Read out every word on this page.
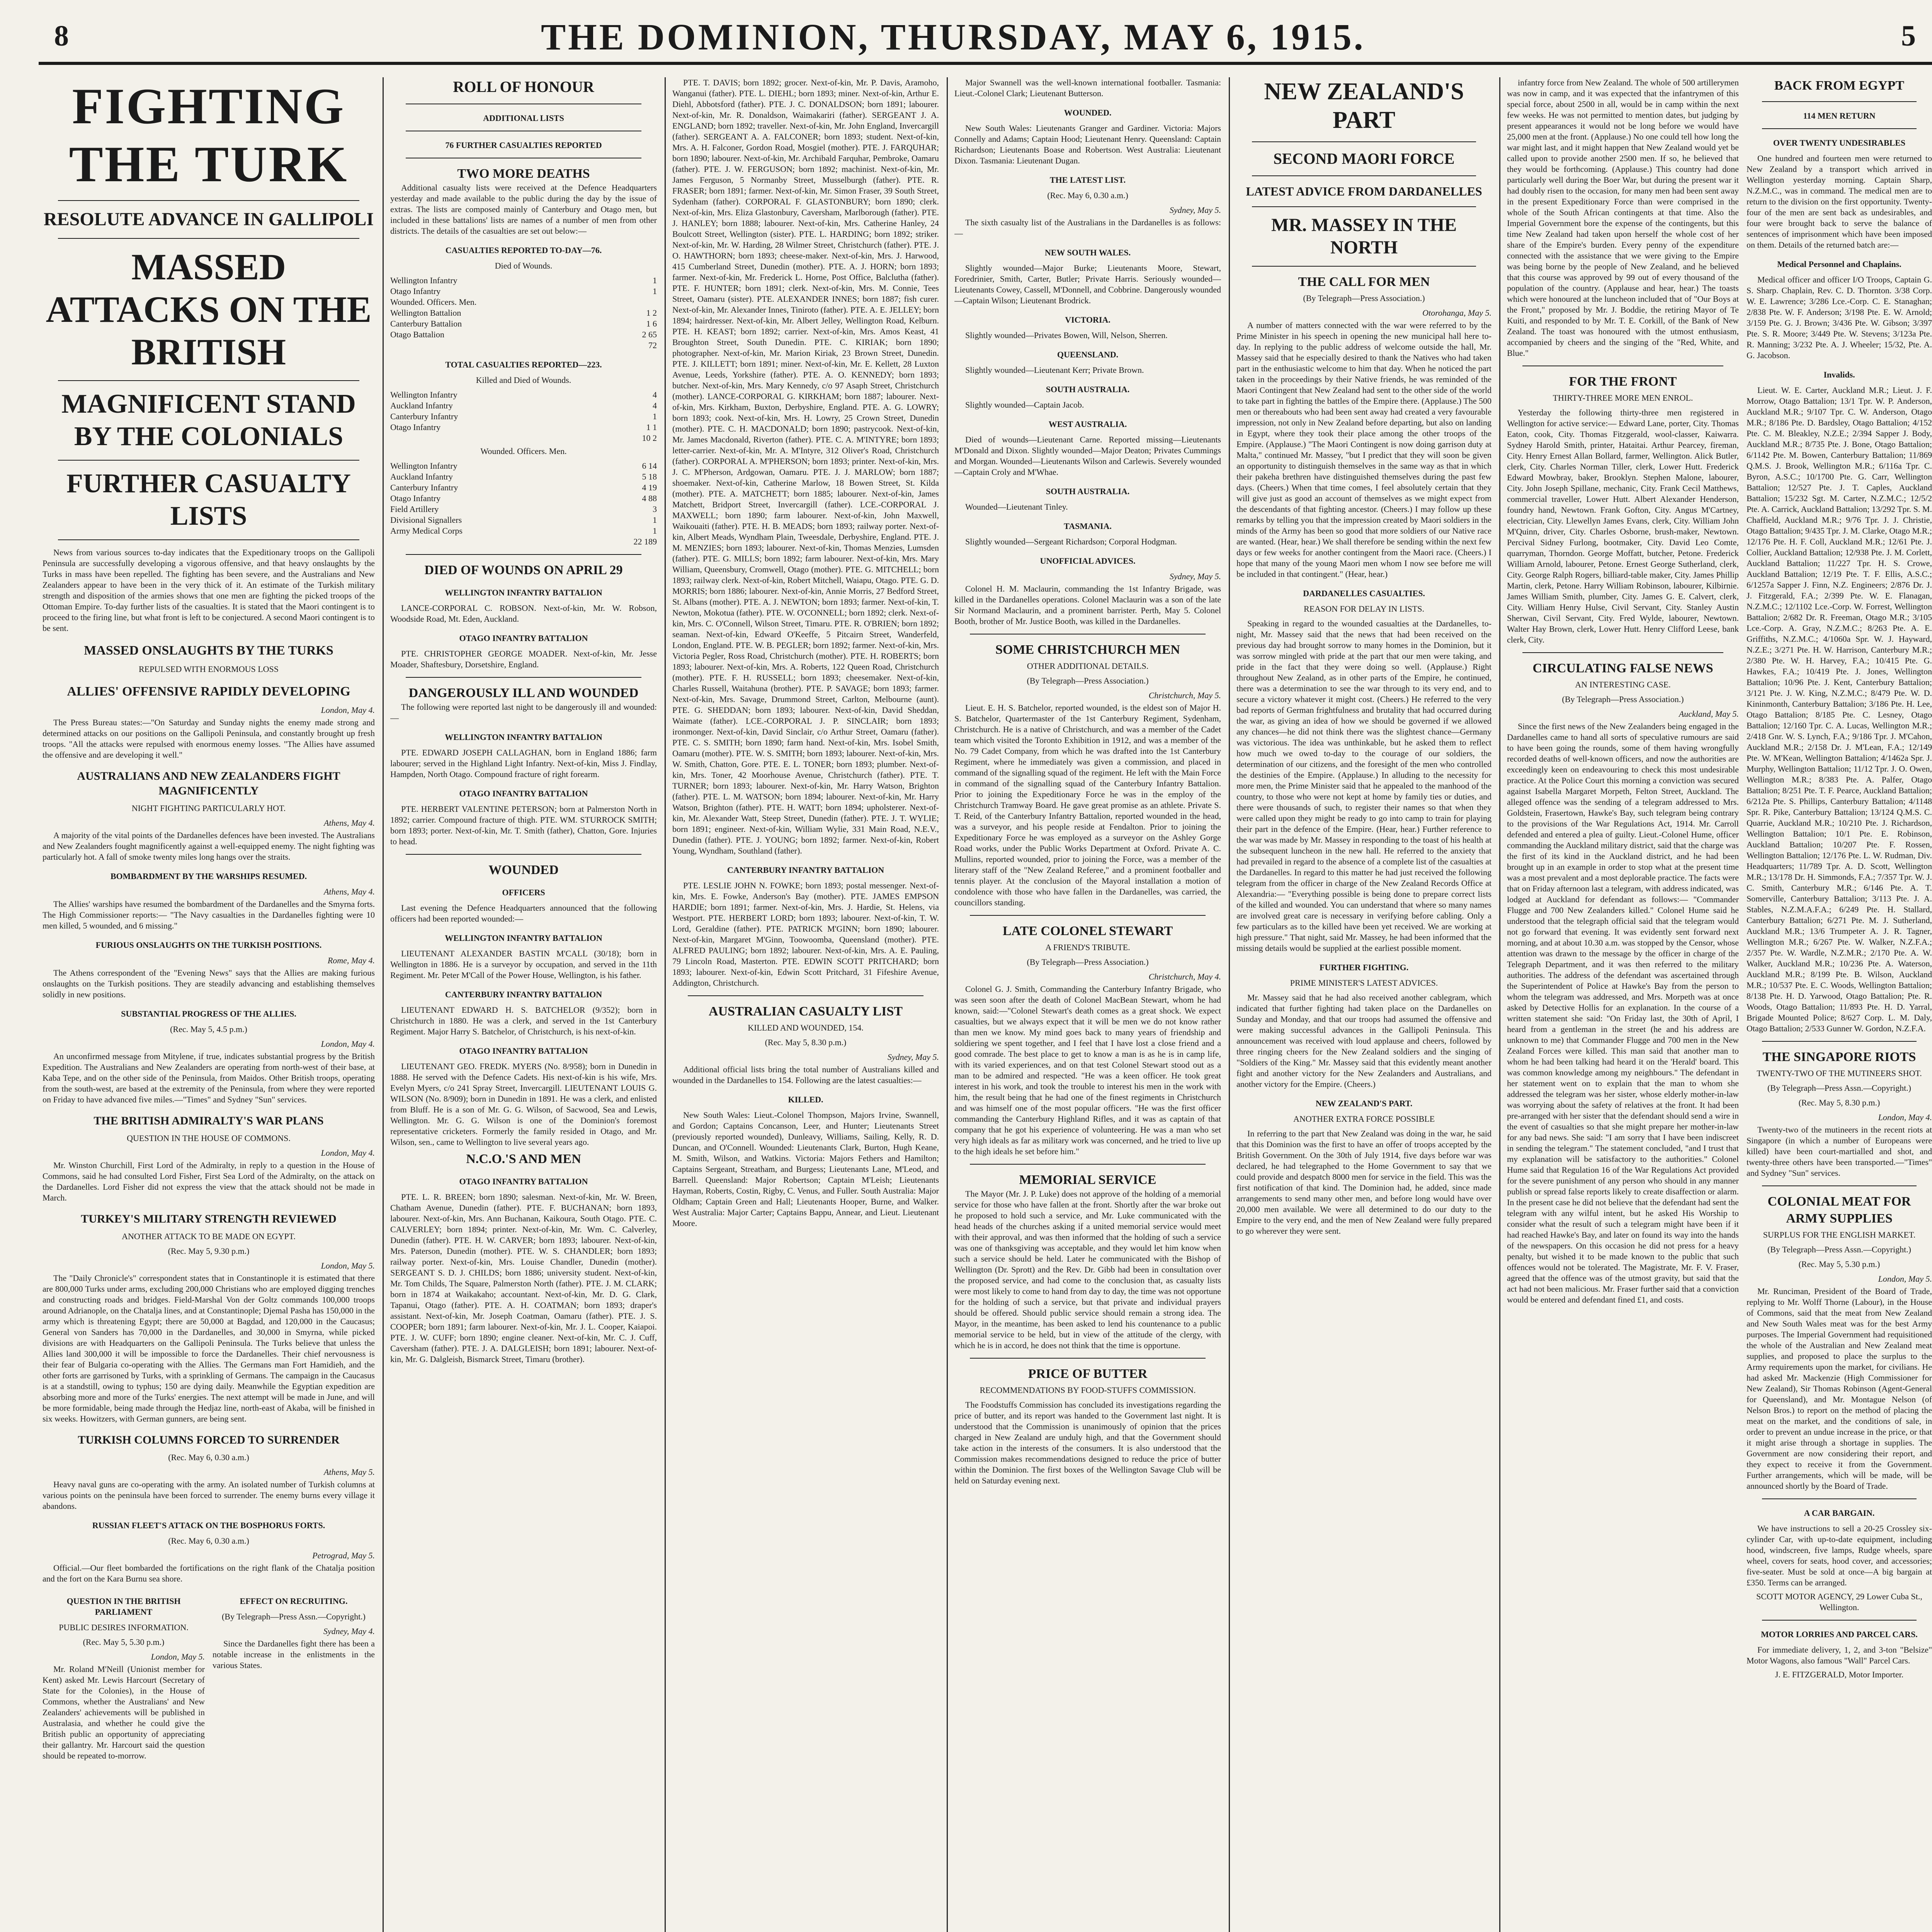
8	THE DOMINION, THURSDAY, MAY 6, 1915.	5
FIGHTING THE TURK
RESOLUTE ADVANCE IN GALLIPOLI
MASSED ATTACKS ON THE BRITISH
MAGNIFICENT STAND BY THE COLONIALS
FURTHER CASUALTY LISTS

News from various sources to-day indicates that the Expeditionary troops on the Gallipoli Peninsula are successfully developing a vigorous offensive, and that heavy onslaughts by the Turks in mass have been repelled. The fighting has been severe, and the Australians and New Zealanders appear to have been in the very thick of it. An estimate of the Turkish military strength and disposition of the armies shows that one men are fighting the picked troops of the Ottoman Empire. To-day further lists of the casualties. It is stated that the Maori contingent is to proceed to the firing line, but what front is left to be conjectured. A second Maori contingent is to be sent.

MASSED ONSLAUGHTS BY THE TURKS
REPULSED WITH ENORMOUS LOSS
ALLIES' OFFENSIVE RAPIDLY DEVELOPING
London, May 4.

The Press Bureau states:—"On Saturday and Sunday nights the enemy made strong and determined attacks on our positions on the Gallipoli Peninsula, and constantly brought up fresh troops. "All the attacks were repulsed with enormous enemy losses. "The Allies have assumed the offensive and are developing it well."

AUSTRALIANS AND NEW ZEALANDERS FIGHT MAGNIFICENTLY
NIGHT FIGHTING PARTICULARLY HOT.
Athens, May 4.

A majority of the vital points of the Dardanelles defences have been invested. The Australians and New Zealanders fought magnificently against a well-equipped enemy. The night fighting was particularly hot. A fall of smoke twenty miles long hangs over the straits.

BOMBARDMENT BY THE WARSHIPS RESUMED.
Athens, May 4.

The Allies' warships have resumed the bombardment of the Dardanelles and the Smyrna forts. The High Commissioner reports:— "The Navy casualties in the Dardanelles fighting were 10 men killed, 5 wounded, and 6 missing."

FURIOUS ONSLAUGHTS ON THE TURKISH POSITIONS.
Rome, May 4.

The Athens correspondent of the "Evening News" says that the Allies are making furious onslaughts on the Turkish positions. They are steadily advancing and establishing themselves solidly in new positions.

SUBSTANTIAL PROGRESS OF THE ALLIES.
(Rec. May 5, 4.5 p.m.)
London, May 4.

An unconfirmed message from Mitylene, if true, indicates substantial progress by the British Expedition. The Australians and New Zealanders are operating from north-west of their base, at Kaba Tepe, and on the other side of the Peninsula, from Maidos. Other British troops, operating from the south-west, are based at the extremity of the Peninsula, from where they were reported on Friday to have advanced five miles.—"Times" and Sydney "Sun" services.

THE BRITISH ADMIRALTY'S WAR PLANS
QUESTION IN THE HOUSE OF COMMONS.
London, May 4.

Mr. Winston Churchill, First Lord of the Admiralty, in reply to a question in the House of Commons, said he had consulted Lord Fisher, First Sea Lord of the Admiralty, on the attack on the Dardanelles. Lord Fisher did not express the view that the attack should not be made in March.

TURKEY'S MILITARY STRENGTH REVIEWED
ANOTHER ATTACK TO BE MADE ON EGYPT.
(Rec. May 5, 9.30 p.m.)
London, May 5.

The "Daily Chronicle's" correspondent states that in Constantinople it is estimated that there are 800,000 Turks under arms, excluding 200,000 Christians who are employed digging trenches and constructing roads and bridges. Field-Marshal Von der Goltz commands 100,000 troops around Adrianople, on the Chatalja lines, and at Constantinople; Djemal Pasha has 150,000 in the army which is threatening Egypt; there are 50,000 at Bagdad, and 120,000 in the Caucasus; General von Sanders has 70,000 in the Dardanelles, and 30,000 in Smyrna, while picked divisions are with Headquarters on the Gallipoli Peninsula. The Turks believe that unless the Allies land 300,000 it will be impossible to force the Dardanelles. Their chief nervousness is their fear of Bulgaria co-operating with the Allies. The Germans man Fort Hamidieh, and the other forts are garrisoned by Turks, with a sprinkling of Germans. The campaign in the Caucasus is at a standstill, owing to typhus; 150 are dying daily. Meanwhile the Egyptian expedition are absorbing more and more of the Turks' energies. The next attempt will be made in June, and will be more formidable, being made through the Hedjaz line, north-east of Akaba, will be finished in six weeks. Howitzers, with German gunners, are being sent.

TURKISH COLUMNS FORCED TO SURRENDER
(Rec. May 6, 0.30 a.m.)
Athens, May 5.

Heavy naval guns are co-operating with the army. An isolated number of Turkish columns at various points on the peninsula have been forced to surrender. The enemy burns every village it abandons.

RUSSIAN FLEET'S ATTACK ON THE BOSPHORUS FORTS.
(Rec. May 6, 0.30 a.m.)
Petrograd, May 5.

Official.—Our fleet bombarded the fortifications on the right flank of the Chatalja position and the fort on the Kara Burnu sea shore.

QUESTION IN THE BRITISH PARLIAMENT
PUBLIC DESIRES INFORMATION.
(Rec. May 5, 5.30 p.m.)
London, May 5.

Mr. Roland M'Neill (Unionist member for Kent) asked Mr. Lewis Harcourt (Secretary of State for the Colonies), in the House of Commons, whether the Australians' and New Zealanders' achievements will be published in Australasia, and whether he could give the British public an opportunity of appreciating their gallantry. Mr. Harcourt said the question should be repeated to-morrow.

EFFECT ON RECRUITING.
(By Telegraph—Press Assn.—Copyright.)
Sydney, May 4.

Since the Dardanelles fight there has been a notable increase in the enlistments in the various States.

ROLL OF HONOUR
ADDITIONAL LISTS
76 FURTHER CASUALTIES REPORTED
TWO MORE DEATHS

Additional casualty lists were received at the Defence Headquarters yesterday and made available to the public during the day by the issue of extras. The lists are composed mainly of Canterbury and Otago men, but included in these battalions' lists are names of a number of men from other districts. The details of the casualties are set out below:—

CASUALTIES REPORTED TO-DAY—76.
Died of Wounds.
Wellington Infantry	1
Otago Infantry	1
Wounded. Officers. Men.
Wellington Battalion	1 2
Canterbury Battalion	1 6
Otago Battalion	2 65
72
TOTAL CASUALTIES REPORTED—223.
Killed and Died of Wounds.
Wellington Infantry	4
Auckland Infantry	4
Canterbury Infantry	1
Otago Infantry	1 1
10 2
Wounded. Officers. Men.
Wellington Infantry	6 14
Auckland Infantry	5 18
Canterbury Infantry	4 19
Otago Infantry	4 88
Field Artillery	3
Divisional Signallers	1
Army Medical Corps	1
22 189
DIED OF WOUNDS ON APRIL 29
WELLINGTON INFANTRY BATTALION

LANCE-CORPORAL C. ROBSON. Next-of-kin, Mr. W. Robson, Woodside Road, Mt. Eden, Auckland.

OTAGO INFANTRY BATTALION

PTE. CHRISTOPHER GEORGE MOADER. Next-of-kin, Mr. Jesse Moader, Shaftesbury, Dorsetshire, England.

DANGEROUSLY ILL AND WOUNDED

The following were reported last night to be dangerously ill and wounded:—

WELLINGTON INFANTRY BATTALION

PTE. EDWARD JOSEPH CALLAGHAN, born in England 1886; farm labourer; served in the Highland Light Infantry. Next-of-kin, Miss J. Findlay, Hampden, North Otago. Compound fracture of right forearm.

OTAGO INFANTRY BATTALION

PTE. HERBERT VALENTINE PETERSON; born at Palmerston North in 1892; carrier. Compound fracture of thigh. PTE. WM. STURROCK SMITH; born 1893; porter. Next-of-kin, Mr. T. Smith (father), Chatton, Gore. Injuries to head.

WOUNDED
OFFICERS

Last evening the Defence Headquarters announced that the following officers had been reported wounded:—

WELLINGTON INFANTRY BATTALION

LIEUTENANT ALEXANDER BASTIN M'CALL (30/18); born in Wellington in 1886. He is a surveyor by occupation, and served in the 11th Regiment. Mr. Peter M'Call of the Power House, Wellington, is his father.

CANTERBURY INFANTRY BATTALION

LIEUTENANT EDWARD H. S. BATCHELOR (9/352); born in Christchurch in 1880. He was a clerk, and served in the 1st Canterbury Regiment. Major Harry S. Batchelor, of Christchurch, is his next-of-kin.

OTAGO INFANTRY BATTALION

LIEUTENANT GEO. FREDK. MYERS (No. 8/958); born in Dunedin in 1888. He served with the Defence Cadets. His next-of-kin is his wife, Mrs. Evelyn Myers, c/o 241 Spray Street, Invercargill. LIEUTENANT LOUIS G. WILSON (No. 8/909); born in Dunedin in 1891. He was a clerk, and enlisted from Bluff. He is a son of Mr. G. G. Wilson, of Sacwood, Sea and Lewis, Wellington. Mr. G. G. Wilson is one of the Dominion's foremost representative cricketers. Formerly the family resided in Otago, and Mr. Wilson, sen., came to Wellington to live several years ago.

N.C.O.'S AND MEN
OTAGO INFANTRY BATTALION

PTE. L. R. BREEN; born 1890; salesman. Next-of-kin, Mr. W. Breen, Chatham Avenue, Dunedin (father). PTE. F. BUCHANAN; born 1893, labourer. Next-of-kin, Mrs. Ann Buchanan, Kaikoura, South Otago. PTE. C. CALVERLEY; born 1894; printer. Next-of-kin, Mr. Wm. C. Calverley, Dunedin (father). PTE. H. W. CARVER; born 1893; labourer. Next-of-kin, Mrs. Paterson, Dunedin (mother). PTE. W. S. CHANDLER; born 1893; railway porter. Next-of-kin, Mrs. Louise Chandler, Dunedin (mother). SERGEANT S. D. J. CHILDS; born 1886; university student. Next-of-kin, Mr. Tom Childs, The Square, Palmerston North (father). PTE. J. M. CLARK; born in 1874 at Waikakaho; accountant. Next-of-kin, Mr. D. G. Clark, Tapanui, Otago (father). PTE. A. H. COATMAN; born 1893; draper's assistant. Next-of-kin, Mr. Joseph Coatman, Oamaru (father). PTE. J. S. COOPER; born 1891; farm labourer. Next-of-kin, Mr. J. L. Cooper, Kaiapoi. PTE. J. W. CUFF; born 1890; engine cleaner. Next-of-kin, Mr. C. J. Cuff, Caversham (father). PTE. J. A. DALGLEISH; born 1891; labourer. Next-of-kin, Mr. G. Dalgleish, Bismarck Street, Timaru (brother).

PTE. T. DAVIS; born 1892; grocer. Next-of-kin, Mr. P. Davis, Aramoho, Wanganui (father). PTE. L. DIEHL; born 1893; miner. Next-of-kin, Arthur E. Diehl, Abbotsford (father). PTE. J. C. DONALDSON; born 1891; labourer. Next-of-kin, Mr. R. Donaldson, Waimakariri (father). SERGEANT J. A. ENGLAND; born 1892; traveller. Next-of-kin, Mr. John England, Invercargill (father). SERGEANT A. A. FALCONER; born 1893; student. Next-of-kin, Mrs. A. H. Falconer, Gordon Road, Mosgiel (mother). PTE. J. FARQUHAR; born 1890; labourer. Next-of-kin, Mr. Archibald Farquhar, Pembroke, Oamaru (father). PTE. J. W. FERGUSON; born 1892; machinist. Next-of-kin, Mr. James Ferguson, 5 Normanby Street, Musselburgh (father). PTE. R. FRASER; born 1891; farmer. Next-of-kin, Mr. Simon Fraser, 39 South Street, Sydenham (father). CORPORAL F. GLASTONBURY; born 1890; clerk. Next-of-kin, Mrs. Eliza Glastonbury, Caversham, Marlborough (father). PTE. J. HANLEY; born 1888; labourer. Next-of-kin, Mrs. Catherine Hanley, 24 Boulcott Street, Wellington (sister). PTE. L. HARDING; born 1892; striker. Next-of-kin, Mr. W. Harding, 28 Wilmer Street, Christchurch (father). PTE. J. O. HAWTHORN; born 1893; cheese-maker. Next-of-kin, Mrs. J. Harwood, 415 Cumberland Street, Dunedin (mother). PTE. A. J. HORN; born 1893; farmer. Next-of-kin, Mr. Frederick L. Horne, Post Office, Balclutha (father). PTE. F. HUNTER; born 1891; clerk. Next-of-kin, Mrs. M. Connie, Tees Street, Oamaru (sister). PTE. ALEXANDER INNES; born 1887; fish curer. Next-of-kin, Mr. Alexander Innes, Tiniroto (father). PTE. A. E. JELLEY; born 1894; hairdresser. Next-of-kin, Mr. Albert Jelley, Wellington Road, Kelburn. PTE. H. KEAST; born 1892; carrier. Next-of-kin, Mrs. Amos Keast, 41 Broughton Street, South Dunedin. PTE. C. KIRIAK; born 1890; photographer. Next-of-kin, Mr. Marion Kiriak, 23 Brown Street, Dunedin. PTE. J. KILLETT; born 1891; miner. Next-of-kin, Mr. E. Kellett, 28 Luxton Avenue, Leeds, Yorkshire (father). PTE. A. O. KENNEDY; born 1893; butcher. Next-of-kin, Mrs. Mary Kennedy, c/o 97 Asaph Street, Christchurch (mother). LANCE-CORPORAL G. KIRKHAM; born 1887; labourer. Next-of-kin, Mrs. Kirkham, Buxton, Derbyshire, England. PTE. A. G. LOWRY; born 1893; cook. Next-of-kin, Mrs. H. Lowry, 25 Crown Street, Dunedin (mother). PTE. C. H. MACDONALD; born 1890; pastrycook. Next-of-kin, Mr. James Macdonald, Riverton (father). PTE. C. A. M'INTYRE; born 1893; letter-carrier. Next-of-kin, Mr. A. M'Intyre, 312 Oliver's Road, Christchurch (father). CORPORAL A. M'PHERSON; born 1893; printer. Next-of-kin, Mrs. J. C. M'Pherson, Ardgowan, Oamaru. PTE. J. J. MARLOW; born 1887; shoemaker. Next-of-kin, Catherine Marlow, 18 Bowen Street, St. Kilda (mother). PTE. A. MATCHETT; born 1885; labourer. Next-of-kin, James Matchett, Bridport Street, Invercargill (father). LCE.-CORPORAL J. MAXWELL; born 1890; farm labourer. Next-of-kin, John Maxwell, Waikouaiti (father). PTE. H. B. MEADS; born 1893; railway porter. Next-of-kin, Albert Meads, Wyndham Plain, Tweesdale, Derbyshire, England. PTE. J. M. MENZIES; born 1893; labourer. Next-of-kin, Thomas Menzies, Lumsden (father). PTE. G. MILLS; born 1892; farm labourer. Next-of-kin, Mrs. Mary William, Queensbury, Cromwell, Otago (mother). PTE. G. MITCHELL; born 1893; railway clerk. Next-of-kin, Robert Mitchell, Waiapu, Otago. PTE. G. D. MORRIS; born 1886; labourer. Next-of-kin, Annie Morris, 27 Bedford Street, St. Albans (mother). PTE. A. J. NEWTON; born 1893; farmer. Next-of-kin, T. Newton, Mokotua (father). PTE. W. O'CONNELL; born 1892; clerk. Next-of-kin, Mrs. C. O'Connell, Wilson Street, Timaru. PTE. R. O'BRIEN; born 1892; seaman. Next-of-kin, Edward O'Keeffe, 5 Pitcairn Street, Wanderfeld, London, England. PTE. W. B. PEGLER; born 1892; farmer. Next-of-kin, Mrs. Victoria Pegler, Ross Road, Christchurch (mother). PTE. H. ROBERTS; born 1893; labourer. Next-of-kin, Mrs. A. Roberts, 122 Queen Road, Christchurch (mother). PTE. F. H. RUSSELL; born 1893; cheesemaker. Next-of-kin, Charles Russell, Waitahuna (brother). PTE. P. SAVAGE; born 1893; farmer. Next-of-kin, Mrs. Savage, Drummond Street, Carlton, Melbourne (aunt). PTE. G. SHEDDAN; born 1893; labourer. Next-of-kin, David Sheddan, Waimate (father). LCE.-CORPORAL J. P. SINCLAIR; born 1893; ironmonger. Next-of-kin, David Sinclair, c/o Arthur Street, Oamaru (father). PTE. C. S. SMITH; born 1890; farm hand. Next-of-kin, Mrs. Isobel Smith, Oamaru (mother). PTE. W. S. SMITH; born 1893; labourer. Next-of-kin, Mrs. W. Smith, Chatton, Gore. PTE. E. L. TONER; born 1893; plumber. Next-of-kin, Mrs. Toner, 42 Moorhouse Avenue, Christchurch (father). PTE. T. TURNER; born 1893; labourer. Next-of-kin, Mr. Harry Watson, Brighton (father). PTE. L. M. WATSON; born 1894; labourer. Next-of-kin, Mr. Harry Watson, Brighton (father). PTE. H. WATT; born 1894; upholsterer. Next-of-kin, Mr. Alexander Watt, Steep Street, Dunedin (father). PTE. J. T. WYLIE; born 1891; engineer. Next-of-kin, William Wylie, 331 Main Road, N.E.V., Dunedin (father). PTE. J. YOUNG; born 1892; farmer. Next-of-kin, Robert Young, Wyndham, Southland (father).

CANTERBURY INFANTRY BATTALION

PTE. LESLIE JOHN N. FOWKE; born 1893; postal messenger. Next-of-kin, Mrs. E. Fowke, Anderson's Bay (mother). PTE. JAMES EMPSON HARDIE; born 1891; farmer. Next-of-kin, Mrs. J. Hardie, St. Helens, via Westport. PTE. HERBERT LORD; born 1893; labourer. Next-of-kin, T. W. Lord, Geraldine (father). PTE. PATRICK M'GINN; born 1890; labourer. Next-of-kin, Margaret M'Ginn, Toowoomba, Queensland (mother). PTE. ALFRED PAULING; born 1892; labourer. Next-of-kin, Mrs. A. E. Pauling, 79 Lincoln Road, Masterton. PTE. EDWIN SCOTT PRITCHARD; born 1893; labourer. Next-of-kin, Edwin Scott Pritchard, 31 Fifeshire Avenue, Addington, Christchurch.

AUSTRALIAN CASUALTY LIST
KILLED AND WOUNDED, 154.
(Rec. May 5, 8.30 p.m.)
Sydney, May 5.

Additional official lists bring the total number of Australians killed and wounded in the Dardanelles to 154. Following are the latest casualties:—

KILLED.

New South Wales: Lieut.-Colonel Thompson, Majors Irvine, Swannell, and Gordon; Captains Concanson, Leer, and Hunter; Lieutenants Street (previously reported wounded), Dunleavy, Williams, Sailing, Kelly, R. D. Duncan, and O'Connell. Wounded: Lieutenants Clark, Burton, Hugh Keane, M. Smith, Wilson, and Watkins. Victoria: Majors Fethers and Hamilton; Captains Sergeant, Streatham, and Burgess; Lieutenants Lane, M'Leod, and Barrell. Queensland: Major Robertson; Captain M'Leish; Lieutenants Hayman, Roberts, Costin, Rigby, C. Venus, and Fuller. South Australia: Major Oldham; Captain Green and Hall; Lieutenants Hooper, Burne, and Walker. West Australia: Major Carter; Captains Bappu, Annear, and Lieut. Lieutenant Moore.

Major Swannell was the well-known international footballer. Tasmania: Lieut.-Colonel Clark; Lieutenant Butterson.

WOUNDED.

New South Wales: Lieutenants Granger and Gardiner. Victoria: Majors Connelly and Adams; Captain Hood; Lieutenant Henry. Queensland: Captain Richardson; Lieutenants Boase and Robertson. West Australia: Lieutenant Dixon. Tasmania: Lieutenant Dugan.

THE LATEST LIST.
(Rec. May 6, 0.30 a.m.)
Sydney, May 5.

The sixth casualty list of the Australians in the Dardanelles is as follows:—

NEW SOUTH WALES.

Slightly wounded—Major Burke; Lieutenants Moore, Stewart, Foredrinier, Smith, Carter, Butler; Private Harris. Seriously wounded—Lieutenants Cowey, Cassell, M'Donnell, and Cobbrine. Dangerously wounded—Captain Wilson; Lieutenant Brodrick.

VICTORIA.

Slightly wounded—Privates Bowen, Will, Nelson, Sherren.

QUEENSLAND.

Slightly wounded—Lieutenant Kerr; Private Brown.

SOUTH AUSTRALIA.

Slightly wounded—Captain Jacob.

WEST AUSTRALIA.

Died of wounds—Lieutenant Carne. Reported missing—Lieutenants M'Donald and Dixon. Slightly wounded—Major Deaton; Privates Cummings and Morgan. Wounded—Lieutenants Wilson and Carlewis. Severely wounded—Captain Croly and M'Whae.

SOUTH AUSTRALIA.

Wounded—Lieutenant Tinley.

TASMANIA.

Slightly wounded—Sergeant Richardson; Corporal Hodgman.

UNOFFICIAL ADVICES.
Sydney, May 5.

Colonel H. M. Maclaurin, commanding the 1st Infantry Brigade, was killed in the Dardanelles operations. Colonel Maclaurin was a son of the late Sir Normand Maclaurin, and a prominent barrister. Perth, May 5. Colonel Booth, brother of Mr. Justice Booth, was killed in the Dardanelles.

SOME CHRISTCHURCH MEN
OTHER ADDITIONAL DETAILS.
(By Telegraph—Press Association.)
Christchurch, May 5.

Lieut. E. H. S. Batchelor, reported wounded, is the eldest son of Major H. S. Batchelor, Quartermaster of the 1st Canterbury Regiment, Sydenham, Christchurch. He is a native of Christchurch, and was a member of the Cadet team which visited the Toronto Exhibition in 1912, and was a member of the No. 79 Cadet Company, from which he was drafted into the 1st Canterbury Regiment, where he immediately was given a commission, and placed in command of the signalling squad of the regiment. He left with the Main Force in command of the signalling squad of the Canterbury Infantry Battalion. Prior to joining the Expeditionary Force he was in the employ of the Christchurch Tramway Board. He gave great promise as an athlete. Private S. T. Reid, of the Canterbury Infantry Battalion, reported wounded in the head, was a surveyor, and his people reside at Fendalton. Prior to joining the Expeditionary Force he was employed as a surveyor on the Ashley Gorge Road works, under the Public Works Department at Oxford. Private A. C. Mullins, reported wounded, prior to joining the Force, was a member of the literary staff of the "New Zealand Referee," and a prominent footballer and tennis player. At the conclusion of the Mayoral installation a motion of condolence with those who have fallen in the Dardanelles, was carried, the councillors standing.

LATE COLONEL STEWART
A FRIEND'S TRIBUTE.
(By Telegraph—Press Association.)
Christchurch, May 4.

Colonel G. J. Smith, Commanding the Canterbury Infantry Brigade, who was seen soon after the death of Colonel MacBean Stewart, whom he had known, said:—"Colonel Stewart's death comes as a great shock. We expect casualties, but we always expect that it will be men we do not know rather than men we know. My mind goes back to many years of friendship and soldiering we spent together, and I feel that I have lost a close friend and a good comrade. The best place to get to know a man is as he is in camp life, with its varied experiences, and on that test Colonel Stewart stood out as a man to be admired and respected. "He was a keen officer. He took great interest in his work, and took the trouble to interest his men in the work with him, the result being that he had one of the finest regiments in Christchurch and was himself one of the most popular officers. "He was the first officer commanding the Canterbury Highland Rifles, and it was as captain of that company that he got his experience of volunteering. He was a man who set very high ideals as far as military work was concerned, and he tried to live up to the high ideals he set before him."

MEMORIAL SERVICE

The Mayor (Mr. J. P. Luke) does not approve of the holding of a memorial service for those who have fallen at the front. Shortly after the war broke out he proposed to hold such a service, and Mr. Luke communicated with the head heads of the churches asking if a united memorial service would meet with their approval, and was then informed that the holding of such a service was one of thanksgiving was acceptable, and they would let him know when such a service should be held. Later he communicated with the Bishop of Wellington (Dr. Sprott) and the Rev. Dr. Gibb had been in consultation over the proposed service, and had come to the conclusion that, as casualty lists were most likely to come to hand from day to day, the time was not opportune for the holding of such a service, but that private and individual prayers should be offered. Should public service should remain a strong idea. The Mayor, in the meantime, has been asked to lend his countenance to a public memorial service to be held, but in view of the attitude of the clergy, with which he is in accord, he does not think that the time is opportune.

PRICE OF BUTTER
RECOMMENDATIONS BY FOOD-STUFFS COMMISSION.

The Foodstuffs Commission has concluded its investigations regarding the price of butter, and its report was handed to the Government last night. It is understood that the Commission is unanimously of opinion that the prices charged in New Zealand are unduly high, and that the Government should take action in the interests of the consumers. It is also understood that the Commission makes recommendations designed to reduce the price of butter within the Dominion. The first boxes of the Wellington Savage Club will be held on Saturday evening next.

NEW ZEALAND'S PART
SECOND MAORI FORCE
LATEST ADVICE FROM DARDANELLES
MR. MASSEY IN THE NORTH
THE CALL FOR MEN
(By Telegraph—Press Association.)
Otorohanga, May 5.

A number of matters connected with the war were referred to by the Prime Minister in his speech in opening the new municipal hall here to-day. In replying to the public address of welcome outside the hall, Mr. Massey said that he especially desired to thank the Natives who had taken part in the enthusiastic welcome to him that day. When he noticed the part taken in the proceedings by their Native friends, he was reminded of the Maori Contingent that New Zealand had sent to the other side of the world to take part in fighting the battles of the Empire there. (Applause.) The 500 men or thereabouts who had been sent away had created a very favourable impression, not only in New Zealand before departing, but also on landing in Egypt, where they took their place among the other troops of the Empire. (Applause.) "The Maori Contingent is now doing garrison duty at Malta," continued Mr. Massey, "but I predict that they will soon be given an opportunity to distinguish themselves in the same way as that in which their pakeha brethren have distinguished themselves during the past few days. (Cheers.) When that time comes, I feel absolutely certain that they will give just as good an account of themselves as we might expect from the descendants of that fighting ancestor. (Cheers.) I may follow up these remarks by telling you that the impression created by Maori soldiers in the minds of the Army has been so good that more soldiers of our Native race are wanted. (Hear, hear.) We shall therefore be sending within the next few days or few weeks for another contingent from the Maori race. (Cheers.) I hope that many of the young Maori men whom I now see before me will be included in that contingent." (Hear, hear.)

DARDANELLES CASUALTIES.
REASON FOR DELAY IN LISTS.

Speaking in regard to the wounded casualties at the Dardanelles, to-night, Mr. Massey said that the news that had been received on the previous day had brought sorrow to many homes in the Dominion, but it was sorrow mingled with pride at the part that our men were taking, and pride in the fact that they were doing so well. (Applause.) Right throughout New Zealand, as in other parts of the Empire, he continued, there was a determination to see the war through to its very end, and to secure a victory whatever it might cost. (Cheers.) He referred to the very bad reports of German frightfulness and brutality that had occurred during the war, as giving an idea of how we should be governed if we allowed any chances—he did not think there was the slightest chance—Germany was victorious. The idea was unthinkable, but he asked them to reflect how much we owed to-day to the courage of our soldiers, the determination of our citizens, and the foresight of the men who controlled the destinies of the Empire. (Applause.) In alluding to the necessity for more men, the Prime Minister said that he appealed to the manhood of the country, to those who were not kept at home by family ties or duties, and there were thousands of such, to register their names so that when they were called upon they might be ready to go into camp to train for playing their part in the defence of the Empire. (Hear, hear.) Further reference to the war was made by Mr. Massey in responding to the toast of his health at the subsequent luncheon in the new hall. He referred to the anxiety that had prevailed in regard to the absence of a complete list of the casualties at the Dardanelles. In regard to this matter he had just received the following telegram from the officer in charge of the New Zealand Records Office at Alexandria:— "Everything possible is being done to prepare correct lists of the killed and wounded. You can understand that where so many names are involved great care is necessary in verifying before cabling. Only a few particulars as to the killed have been yet received. We are working at high pressure." That night, said Mr. Massey, he had been informed that the missing details would be supplied at the earliest possible moment.

FURTHER FIGHTING.
PRIME MINISTER'S LATEST ADVICES.

Mr. Massey said that he had also received another cablegram, which indicated that further fighting had taken place on the Dardanelles on Sunday and Monday, and that our troops had assumed the offensive and were making successful advances in the Gallipoli Peninsula. This announcement was received with loud applause and cheers, followed by three ringing cheers for the New Zealand soldiers and the singing of "Soldiers of the King." Mr. Massey said that this evidently meant another fight and another victory for the New Zealanders and Australians, and another victory for the Empire. (Cheers.)

NEW ZEALAND'S PART.
ANOTHER EXTRA FORCE POSSIBLE

In referring to the part that New Zealand was doing in the war, he said that this Dominion was the first to have an offer of troops accepted by the British Government. On the 30th of July 1914, five days before war was declared, he had telegraphed to the Home Government to say that we could provide and despatch 8000 men for service in the field. This was the first notification of that kind. The Dominion had, he added, since made arrangements to send many other men, and before long would have over 20,000 men available. We were all determined to do our duty to the Empire to the very end, and the men of New Zealand were fully prepared to go wherever they were sent.

infantry force from New Zealand. The whole of 500 artillerymen was now in camp, and it was expected that the infantrymen of this special force, about 2500 in all, would be in camp within the next few weeks. He was not permitted to mention dates, but judging by present appearances it would not be long before we would have 25,000 men at the front. (Applause.) No one could tell how long the war might last, and it might happen that New Zealand would yet be called upon to provide another 2500 men. If so, he believed that they would be forthcoming. (Applause.) This country had done particularly well during the Boer War, but during the present war it had doubly risen to the occasion, for many men had been sent away in the present Expeditionary Force than were comprised in the whole of the South African contingents at that time. Also the Imperial Government bore the expense of the contingents, but this time New Zealand had taken upon herself the whole cost of her share of the Empire's burden. Every penny of the expenditure connected with the assistance that we were giving to the Empire was being borne by the people of New Zealand, and he believed that this course was approved by 99 out of every thousand of the population of the country. (Applause and hear, hear.) The toasts which were honoured at the luncheon included that of "Our Boys at the Front," proposed by Mr. J. Boddie, the retiring Mayor of Te Kuiti, and responded to by Mr. T. E. Corkill, of the Bank of New Zealand. The toast was honoured with the utmost enthusiasm, accompanied by cheers and the singing of the "Red, White, and Blue."

FOR THE FRONT
THIRTY-THREE MORE MEN ENROL.

Yesterday the following thirty-three men registered in Wellington for active service:— Edward Lane, porter, City. Thomas Eaton, cook, City. Thomas Fitzgerald, wool-classer, Kaiwarra. Sydney Harold Smith, printer, Hataitai. Arthur Pearcey, fireman, City. Henry Ernest Allan Bollard, farmer, Wellington. Alick Butler, clerk, City. Charles Norman Tiller, clerk, Lower Hutt. Frederick Edward Mowbray, baker, Brooklyn. Stephen Malone, labourer, City. John Joseph Spillane, mechanic, City. Frank Cecil Matthews, commercial traveller, Lower Hutt. Albert Alexander Henderson, foundry hand, Newtown. Frank Gofton, City. Angus M'Cartney, electrician, City. Llewellyn James Evans, clerk, City. William John M'Quinn, driver, City. Charles Osborne, brush-maker, Newtown. Percival Sidney Furlong, bootmaker, City. David Leo Comte, quarryman, Thorndon. George Moffatt, butcher, Petone. Frederick William Arnold, labourer, Petone. Ernest George Sutherland, clerk, City. George Ralph Rogers, billiard-table maker, City. James Phillip Martin, clerk, Petone. Harry William Robinson, labourer, Kilbirnie. James William Smith, plumber, City. James G. E. Calvert, clerk, City. William Henry Hulse, Civil Servant, City. Stanley Austin Sherwan, Civil Servant, City. Fred Wylde, labourer, Newtown. Walter Hay Brown, clerk, Lower Hutt. Henry Clifford Leese, bank clerk, City.

CIRCULATING FALSE NEWS
AN INTERESTING CASE.
(By Telegraph—Press Association.)
Auckland, May 5.

Since the first news of the New Zealanders being engaged in the Dardanelles came to hand all sorts of speculative rumours are said to have been going the rounds, some of them having wrongfully recorded deaths of well-known officers, and now the authorities are exceedingly keen on endeavouring to check this most undesirable practice. At the Police Court this morning a conviction was secured against Isabella Margaret Morpeth, Felton Street, Auckland. The alleged offence was the sending of a telegram addressed to Mrs. Goldstein, Frasertown, Hawke's Bay, such telegram being contrary to the provisions of the War Regulations Act, 1914. Mr. Carroll defended and entered a plea of guilty. Lieut.-Colonel Hume, officer commanding the Auckland military district, said that the charge was the first of its kind in the Auckland district, and he had been brought up in an example in order to stop what at the present time was a most prevalent and a most deplorable practice. The facts were that on Friday afternoon last a telegram, with address indicated, was lodged at Auckland for defendant as follows:— "Commander Flugge and 700 New Zealanders killed." Colonel Hume said he understood that the telegraph official said that the telegram would not go forward that evening. It was evidently sent forward next morning, and at about 10.30 a.m. was stopped by the Censor, whose attention was drawn to the message by the officer in charge of the Telegraph Department, and it was then referred to the military authorities. The address of the defendant was ascertained through the Superintendent of Police at Hawke's Bay from the person to whom the telegram was addressed, and Mrs. Morpeth was at once asked by Detective Hollis for an explanation. In the course of a written statement she said: "On Friday last, the 30th of April, I heard from a gentleman in the street (he and his address are unknown to me) that Commander Flugge and 700 men in the New Zealand Forces were killed. This man said that another man to whom he had been talking had heard it on the 'Herald' board. This was common knowledge among my neighbours." The defendant in her statement went on to explain that the man to whom she addressed the telegram was her sister, whose elderly mother-in-law was worrying about the safety of relatives at the front. It had been pre-arranged with her sister that the defendant should send a wire in the event of casualties so that she might prepare her mother-in-law for any bad news. She said: "I am sorry that I have been indiscreet in sending the telegram." The statement concluded, "and I trust that my explanation will be satisfactory to the authorities." Colonel Hume said that Regulation 16 of the War Regulations Act provided for the severe punishment of any person who should in any manner publish or spread false reports likely to create disaffection or alarm. In the present case he did not believe that the defendant had sent the telegram with any wilful intent, but he asked His Worship to consider what the result of such a telegram might have been if it had reached Hawke's Bay, and later on found its way into the hands of the newspapers. On this occasion he did not press for a heavy penalty, but wished it to be made known to the public that such offences would not be tolerated. The Magistrate, Mr. F. V. Fraser, agreed that the offence was of the utmost gravity, but said that the act had not been malicious. Mr. Fraser further said that a conviction would be entered and defendant fined £1, and costs.

BACK FROM EGYPT
114 MEN RETURN
OVER TWENTY UNDESIRABLES

One hundred and fourteen men were returned to New Zealand by a transport which arrived in Wellington yesterday morning. Captain Sharp, N.Z.M.C., was in command. The medical men are to return to the division on the first opportunity. Twenty-four of the men are sent back as undesirables, and four were brought back to serve the balance of sentences of imprisonment which have been imposed on them. Details of the returned batch are:—

Medical Personnel and Chaplains.

Medical officer and officer I/O Troops, Captain G. S. Sharp. Chaplain, Rev. C. D. Thornton. 3/38 Corp. W. E. Lawrence; 3/286 Lce.-Corp. C. E. Stanaghan; 2/838 Pte. W. F. Anderson; 3/198 Pte. E. W. Arnold; 3/159 Pte. G. J. Brown; 3/436 Pte. W. Gibson; 3/397 Pte. S. R. Moore; 3/449 Pte. W. Stevens; 3/123a Pte. R. Manning; 3/232 Pte. A. J. Wheeler; 15/32, Pte. A. G. Jacobson.

Invalids.

Lieut. W. E. Carter, Auckland M.R.; Lieut. J. F. Morrow, Otago Battalion; 13/1 Tpr. W. P. Anderson, Auckland M.R.; 9/107 Tpr. C. W. Anderson, Otago M.R.; 8/186 Pte. D. Bardsley, Otago Battalion; 4/152 Pte. C. M. Bleakley, N.Z.E.; 2/394 Sapper J. Body, Auckland M.R.; 8/735 Pte. J. Bone, Otago Battalion; 6/1142 Pte. M. Bowen, Canterbury Battalion; 11/869 Q.M.S. J. Brook, Wellington M.R.; 6/116a Tpr. C. Byron, A.S.C.; 10/1700 Pte. G. Carr, Wellington Battalion; 12/527 Pte. J. T. Caples, Auckland Battalion; 15/232 Sgt. M. Carter, N.Z.M.C.; 12/5/2 Pte. A. Carrick, Auckland Battalion; 13/292 Tpr. S. M. Chaffield, Auckland M.R.; 9/76 Tpr. J. J. Christie, Otago Battalion; 9/435 Tpr. J. M. Clarke, Otago M.R.; 12/176 Pte. H. F. Coll, Auckland M.R.; 12/61 Pte. J. Collier, Auckland Battalion; 12/938 Pte. J. M. Corlett, Auckland Battalion; 11/227 Tpr. H. S. Crowe, Auckland Battalion; 12/19 Pte. T. F. Ellis, A.S.C.; 6/1257a Sapper J. Finn, N.Z. Engineers; 2/876 Dr. J. J. Fitzgerald, F.A.; 2/399 Pte. W. E. Flanagan, N.Z.M.C.; 12/1102 Lce.-Corp. W. Forrest, Wellington Battalion; 2/682 Dr. R. Freeman, Otago M.R.; 3/105 Lce.-Corp. A. Gray, N.Z.M.C.; 8/263 Pte. A. E. Griffiths, N.Z.M.C.; 4/1060a Spr. W. J. Hayward, N.Z.E.; 3/271 Pte. H. W. Harrison, Canterbury M.R.; 2/380 Pte. W. H. Harvey, F.A.; 10/415 Pte. G. Hawkes, F.A.; 10/419 Pte. J. Jones, Wellington Battalion; 10/96 Pte. J. Kent, Canterbury Battalion; 3/121 Pte. J. W. King, N.Z.M.C.; 8/479 Pte. W. D. Kininmonth, Canterbury Battalion; 3/186 Pte. H. Lee, Otago Battalion; 8/185 Pte. C. Lesney, Otago Battalion; 12/160 Tpr. C. A. Lucas, Wellington M.R.; 2/418 Gnr. W. S. Lynch, F.A.; 9/186 Tpr. J. M'Cahon, Auckland M.R.; 2/158 Dr. J. M'Lean, F.A.; 12/149 Pte. W. M'Kean, Wellington Battalion; 4/1462a Spr. J. Murphy, Wellington Battalion; 11/12 Tpr. J. O. Owen, Wellington M.R.; 8/383 Pte. A. Palfer, Otago Battalion; 8/251 Pte. T. F. Pearce, Auckland Battalion; 6/212a Pte. S. Phillips, Canterbury Battalion; 4/1148 Spr. R. Pike, Canterbury Battalion; 13/124 Q.M.S. C. Quarrie, Auckland M.R.; 10/210 Pte. J. Richardson, Wellington Battalion; 10/1 Pte. E. Robinson, Auckland Battalion; 10/207 Pte. F. Rossen, Wellington Battalion; 12/176 Pte. L. W. Rudman, Div. Headquarters; 11/789 Tpr. A. D. Scott, Wellington M.R.; 13/178 Dr. H. Simmonds, F.A.; 7/357 Tpr. W. J. C. Smith, Canterbury M.R.; 6/146 Pte. A. T. Somerville, Canterbury Battalion; 3/113 Pte. J. A. Stables, N.Z.M.A.F.A.; 6/249 Pte. H. Stallard, Canterbury Battalion; 6/271 Pte. M. J. Sutherland, Auckland M.R.; 13/6 Trumpeter A. J. R. Tagner, Wellington M.R.; 6/267 Pte. W. Walker, N.Z.F.A.; 2/357 Pte. W. Wardle, N.Z.M.R.; 2/170 Pte. A. W. Walker, Auckland M.R.; 10/236 Pte. A. Waterson, Auckland M.R.; 8/199 Pte. B. Wilson, Auckland M.R.; 10/537 Pte. E. C. Woods, Wellington Battalion; 8/138 Pte. H. D. Yarwood, Otago Battalion; Pte. R. Woods, Otago Battalion; 11/893 Pte. H. D. Yarral, Brigade Mounted Police; 8/627 Corp. L. M. Daly, Otago Battalion; 2/533 Gunner W. Gordon, N.Z.F.A.

THE SINGAPORE RIOTS
TWENTY-TWO OF THE MUTINEERS SHOT.
(By Telegraph—Press Assn.—Copyright.)
(Rec. May 5, 8.30 p.m.)
London, May 4.

Twenty-two of the mutineers in the recent riots at Singapore (in which a number of Europeans were killed) have been court-martialled and shot, and twenty-three others have been transported.—"Times" and Sydney "Sun" services.

COLONIAL MEAT FOR ARMY SUPPLIES
SURPLUS FOR THE ENGLISH MARKET.
(By Telegraph—Press Assn.—Copyright.)
(Rec. May 5, 5.30 p.m.)
London, May 5.

Mr. Runciman, President of the Board of Trade, replying to Mr. Wolff Thorne (Labour), in the House of Commons, said that the meat from New Zealand and New South Wales meat was for the best Army purposes. The Imperial Government had requisitioned the whole of the Australian and New Zealand meat supplies, and proposed to place the surplus to the Army requirements upon the market, for civilians. He had asked Mr. Mackenzie (High Commissioner for New Zealand), Sir Thomas Robinson (Agent-General for Queensland), and Mr. Montague Nelson (of Nelson Bros.) to report on the method of placing the meat on the market, and the conditions of sale, in order to prevent an undue increase in the price, or that it might arise through a shortage in supplies. The Government are now considering their report, and they expect to receive it from the Government. Further arrangements, which will be made, will be announced shortly by the Board of Trade.

A CAR BARGAIN.

We have instructions to sell a 20-25 Crossley six-cylinder Car, with up-to-date equipment, including hood, windscreen, five lamps, Rudge wheels, spare wheel, covers for seats, hood cover, and accessories; five-seater. Must be sold at once—A big bargain at £350. Terms can be arranged.

SCOTT MOTOR AGENCY, 29 Lower Cuba St., Wellington.
MOTOR LORRIES AND PARCEL CARS.

For immediate delivery, 1, 2, and 3-ton "Belsize" Motor Wagons, also famous "Wall" Parcel Cars.

J. E. FITZGERALD, Motor Importer.
